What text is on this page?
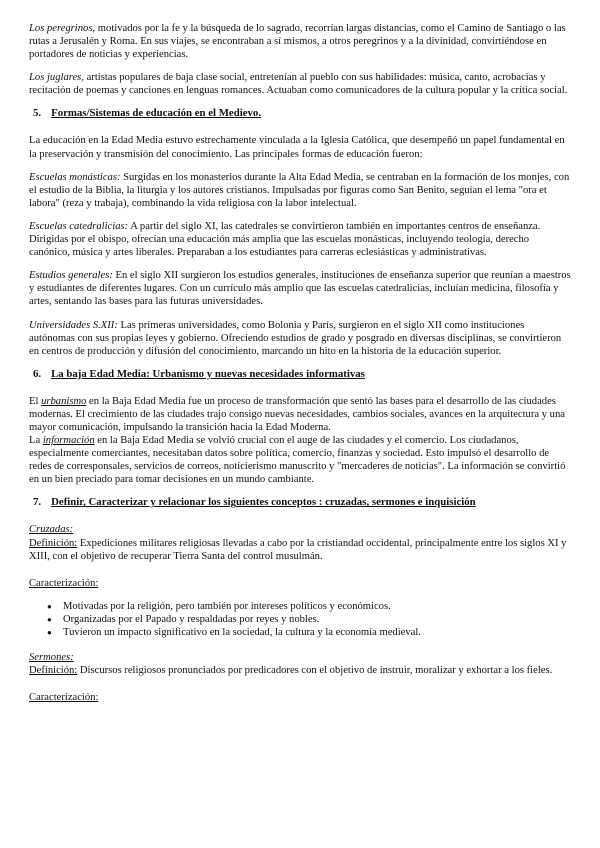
Los peregrinos, motivados por la fe y la búsqueda de lo sagrado, recorrían largas distancias, como el Camino de Santiago o las rutas a Jerusalén y Roma. En sus viajes, se encontraban a sí mismos, a otros peregrinos y a la divinidad, convirtiéndose en portadores de noticias y experiencias.

Los juglares, artistas populares de baja clase social, entretenían al pueblo con sus habilidades: música, canto, acrobacias y recitación de poemas y canciones en lenguas romances. Actuaban como comunicadores de la cultura popular y la crítica social.

5. Formas/Sistemas de educación en el Medievo.

La educación en la Edad Media estuvo estrechamente vinculada a la Iglesia Católica, que desempeñó un papel fundamental en la preservación y transmisión del conocimiento. Las principales formas de educación fueron:

Escuelas monásticas: Surgidas en los monasterios durante la Alta Edad Media, se centraban en la formación de los monjes, con el estudio de la Biblia, la liturgia y los autores cristianos. Impulsadas por figuras como San Benito, seguían el lema "ora et labora" (reza y trabaja), combinando la vida religiosa con la labor intelectual.

Escuelas catedralicias: A partir del siglo XI, las catedrales se convirtieron también en importantes centros de enseñanza. Dirigidas por el obispo, ofrecían una educación más amplia que las escuelas monásticas, incluyendo teología, derecho canónico, música y artes liberales. Preparaban a los estudiantes para carreras eclesiásticas y administrativas.

Estudios generales: En el siglo XII surgieron los estudios generales, instituciones de enseñanza superior que reunían a maestros y estudiantes de diferentes lugares. Con un currículo más amplio que las escuelas catedralicias, incluían medicina, filosofía y artes, sentando las bases para las futuras universidades.

Universidades S.XII: Las primeras universidades, como Bolonia y París, surgieron en el siglo XII como instituciones autónomas con sus propias leyes y gobierno. Ofreciendo estudios de grado y posgrado en diversas disciplinas, se convirtieron en centros de producción y difusión del conocimiento, marcando un hito en la historia de la educación superior.

6. La baja Edad Media: Urbanismo y nuevas necesidades informativas

El urbanismo en la Baja Edad Media fue un proceso de transformación que sentó las bases para el desarrollo de las ciudades modernas. El crecimiento de las ciudades trajo consigo nuevas necesidades, cambios sociales, avances en la arquitectura y una mayor comunicación, impulsando la transición hacia la Edad Moderna.

La información en la Baja Edad Media se volvió crucial con el auge de las ciudades y el comercio. Los ciudadanos, especialmente comerciantes, necesitaban datos sobre política, comercio, finanzas y sociedad. Esto impulsó el desarrollo de redes de corresponsales, servicios de correos, noticierismo manuscrito y "mercaderes de noticias". La información se convirtió en un bien preciado para tomar decisiones en un mundo cambiante.

7. Definir, Caracterizar y relacionar los siguientes conceptos : cruzadas, sermones e inquisición

Cruzadas:

Definición: Expediciones militares religiosas llevadas a cabo por la cristiandad occidental, principalmente entre los siglos XI y XIII, con el objetivo de recuperar Tierra Santa del control musulmán.

Caracterización:

● Motivadas por la religión, pero también por intereses políticos y económicos.
● Organizadas por el Papado y respaldadas por reyes y nobles.
● Tuvieron un impacto significativo en la sociedad, la cultura y la economía medieval.

Sermones:

Definición: Discursos religiosos pronunciados por predicadores con el objetivo de instruir, moralizar y exhortar a los fieles.

Caracterización:
